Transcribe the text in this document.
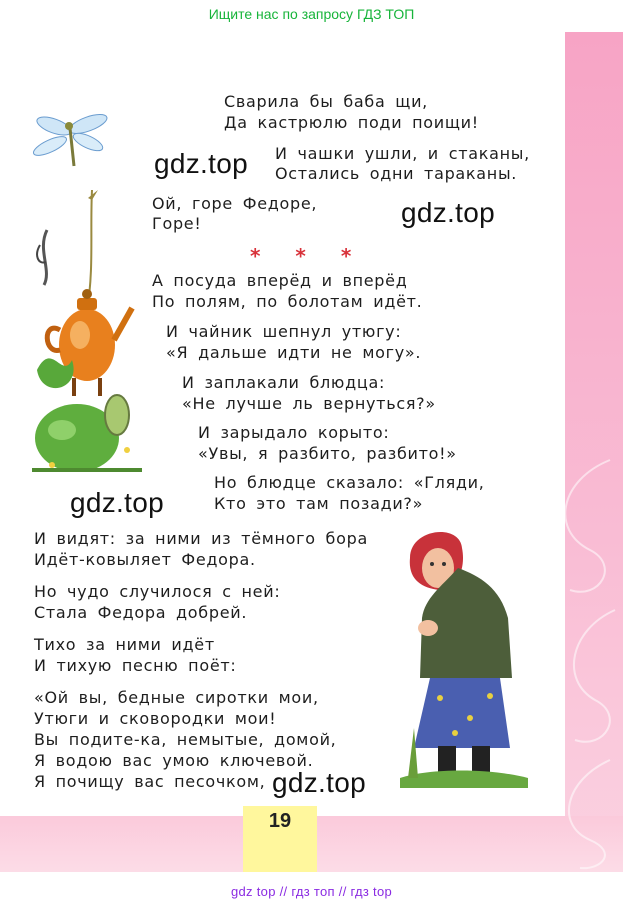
Ищите нас по запросу ГДЗ ТОП
Сварила бы баба щи,
Да кастрюлю поди поищи!
И чашки ушли, и стаканы,
Остались одни тараканы.
Ой, горе Федоре,
Горе!
* * *
А посуда вперёд и вперёд
По полям, по болотам идёт.
И чайник шепнул утюгу:
«Я дальше идти не могу».
И заплакали блюдца:
«Не лучше ль вернуться?»
И зарыдало корыто:
«Увы, я разбито, разбито!»
Но блюдце сказало: «Гляди,
Кто это там позади?»
И видят: за ними из тёмного бора
Идёт-ковыляет Федора.
Но чудо случилося с ней:
Стала Федора добрей.
Тихо за ними идёт
И тихую песню поёт:
«Ой вы, бедные сиротки мои,
Утюги и сковородки мои!
Вы подите-ка, немытые, домой,
Я водою вас умою ключевой.
Я почищу вас песочком,
gdz.top
gdz.top
gdz.top
gdz.top
19
gdz top // гдз топ // гдз top
